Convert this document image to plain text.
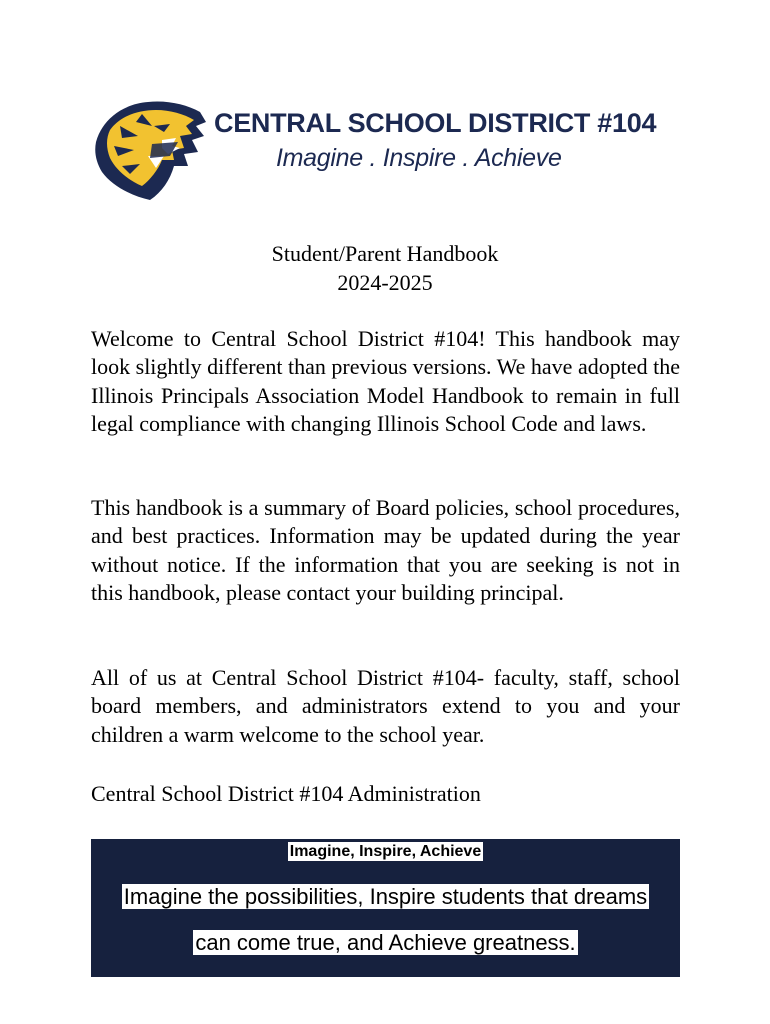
CENTRAL SCHOOL DISTRICT #104
Imagine . Inspire . Achieve
Student/Parent Handbook
2024-2025
Welcome to Central School District #104! This handbook may look slightly different than previous versions. We have adopted the Illinois Principals Association Model Handbook to remain in full legal compliance with changing Illinois School Code and laws.
This handbook is a summary of Board policies, school procedures, and best practices. Information may be updated during the year without notice. If the information that you are seeking is not in this handbook, please contact your building principal.
All of us at Central School District #104- faculty, staff, school board members, and administrators extend to you and your children a warm welcome to the school year.
Central School District #104 Administration
Imagine, Inspire, Achieve
Imagine the possibilities, Inspire students that dreams
can come true, and Achieve greatness.
